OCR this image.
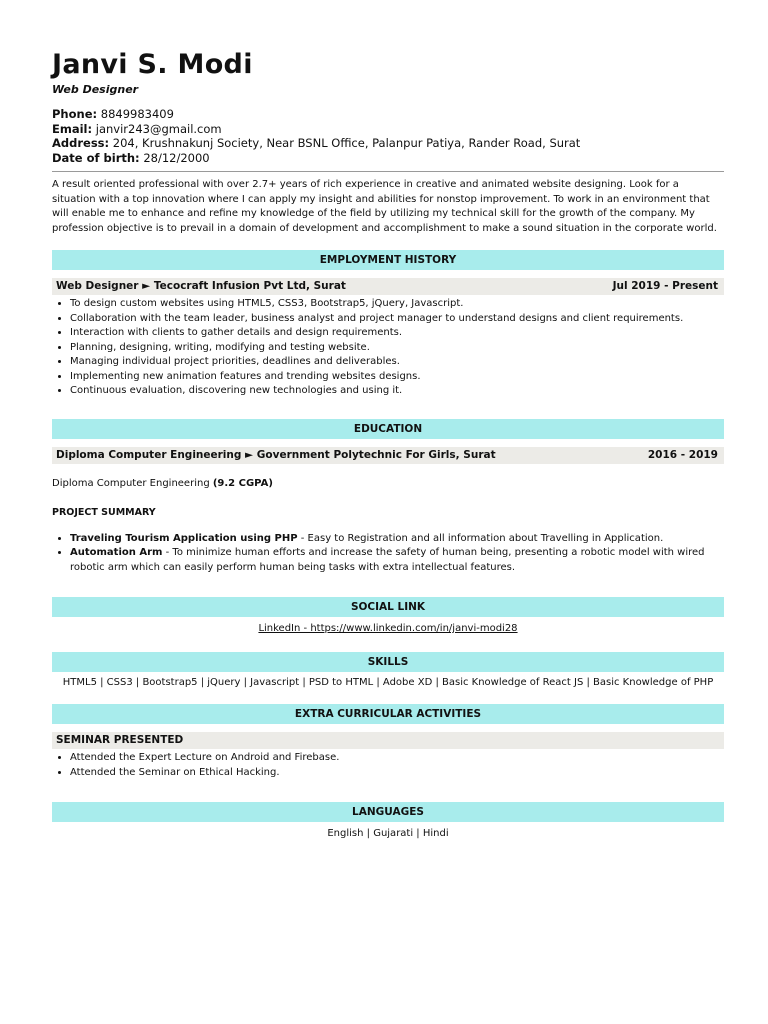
Janvi S. Modi
Web Designer
Phone: 8849983409
Email: janvir243@gmail.com
Address: 204, Krushnakunj Society, Near BSNL Office, Palanpur Patiya, Rander Road, Surat
Date of birth: 28/12/2000

A result oriented professional with over 2.7+ years of rich experience in creative and animated website designing. Look for a situation with a top innovation where I can apply my insight and abilities for nonstop improvement. To work in an environment that will enable me to enhance and refine my knowledge of the field by utilizing my technical skill for the growth of the company. My profession objective is to prevail in a domain of development and accomplishment to make a sound situation in the corporate world.

EMPLOYMENT HISTORY
Web Designer ► Tecocraft Infusion Pvt Ltd, Surat	Jul 2019 - Present
• To design custom websites using HTML5, CSS3, Bootstrap5, jQuery, Javascript.
• Collaboration with the team leader, business analyst and project manager to understand designs and client requirements.
• Interaction with clients to gather details and design requirements.
• Planning, designing, writing, modifying and testing website.
• Managing individual project priorities, deadlines and deliverables.
• Implementing new animation features and trending websites designs.
• Continuous evaluation, discovering new technologies and using it.
EDUCATION
Diploma Computer Engineering ► Government Polytechnic For Girls, Surat	2016 - 2019
Diploma Computer Engineering (9.2 CGPA)
PROJECT SUMMARY
• Traveling Tourism Application using PHP - Easy to Registration and all information about Travelling in Application.
• Automation Arm - To minimize human efforts and increase the safety of human being, presenting a robotic model with wired robotic arm which can easily perform human being tasks with extra intellectual features.
SOCIAL LINK
LinkedIn - https://www.linkedin.com/in/janvi-modi28
SKILLS
HTML5 | CSS3 | Bootstrap5 | jQuery | Javascript | PSD to HTML | Adobe XD | Basic Knowledge of React JS | Basic Knowledge of PHP
EXTRA CURRICULAR ACTIVITIES
SEMINAR PRESENTED
• Attended the Expert Lecture on Android and Firebase.
• Attended the Seminar on Ethical Hacking.
LANGUAGES
English | Gujarati | Hindi
